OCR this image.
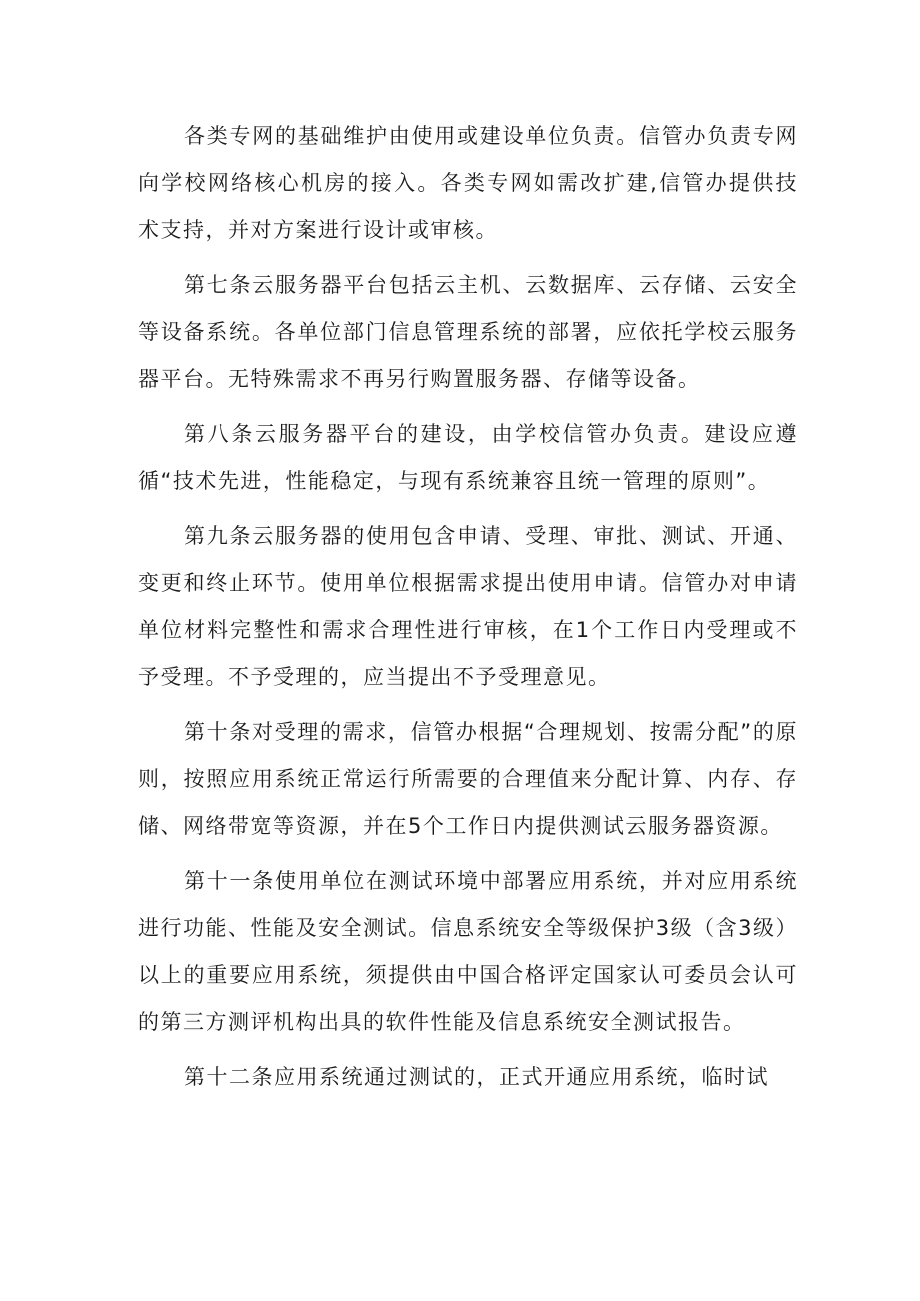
各类专网的基础维护由使用或建设单位负责。信管办负责专网向学校网络核心机房的接入。各类专网如需改扩建,信管办提供技术支持，并对方案进行设计或审核。

第七条云服务器平台包括云主机、云数据库、云存储、云安全等设备系统。各单位部门信息管理系统的部署，应依托学校云服务器平台。无特殊需求不再另行购置服务器、存储等设备。

第八条云服务器平台的建设，由学校信管办负责。建设应遵循“技术先进，性能稳定，与现有系统兼容且统一管理的原则”。

第九条云服务器的使用包含申请、受理、审批、测试、开通、变更和终止环节。使用单位根据需求提出使用申请。信管办对申请单位材料完整性和需求合理性进行审核，在1个工作日内受理或不予受理。不予受理的，应当提出不予受理意见。

第十条对受理的需求，信管办根据“合理规划、按需分配”的原则，按照应用系统正常运行所需要的合理值来分配计算、内存、存储、网络带宽等资源，并在5个工作日内提供测试云服务器资源。

第十一条使用单位在测试环境中部署应用系统，并对应用系统进行功能、性能及安全测试。信息系统安全等级保护3级（含3级）以上的重要应用系统，须提供由中国合格评定国家认可委员会认可的第三方测评机构出具的软件性能及信息系统安全测试报告。

第十二条应用系统通过测试的，正式开通应用系统，临时试
